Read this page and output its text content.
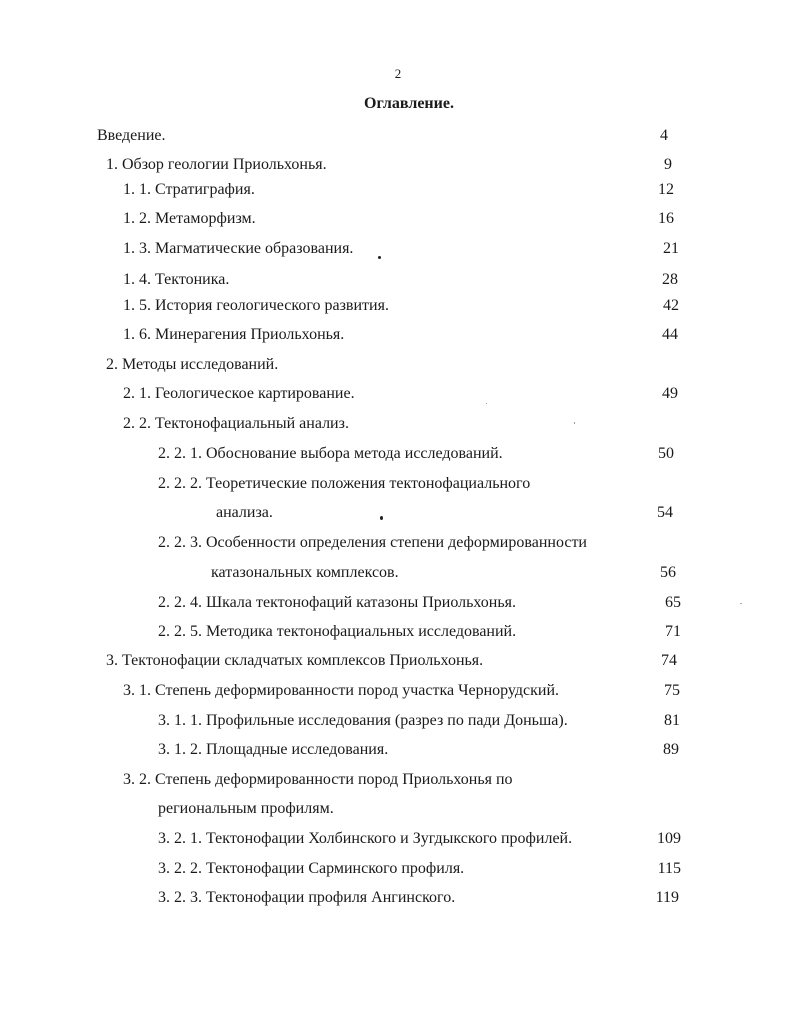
2
Оглавление.
Введение.	4
1. Обзор геологии Приольхонья.	9
1. 1. Стратиграфия.	12
1. 2. Метаморфизм.	16
1. 3. Магматические образования.	21
1. 4. Тектоника.	28
1. 5. История геологического развития.	42
1. 6. Минерагения Приольхонья.	44
2. Методы исследований.
2. 1. Геологическое картирование.	49
2. 2. Тектонофациальный анализ.
2. 2. 1. Обоснование выбора метода исследований.	50
2. 2. 2. Теоретические положения тектонофациального
анализа.	54
2. 2. 3. Особенности определения степени деформированности
катазональных комплексов.	56
2. 2. 4. Шкала тектонофаций катазоны Приольхонья.	65
2. 2. 5. Методика тектонофациальных исследований.	71
3. Тектонофации складчатых комплексов Приольхонья.	74
3. 1. Степень деформированности пород участка Чернорудский.	75
3. 1. 1. Профильные исследования (разрез по пади Доньша).	81
3. 1. 2. Площадные исследования.	89
3. 2. Степень деформированности пород Приольхонья по
региональным профилям.
3. 2. 1. Тектонофации Холбинского и Зугдыкского профилей.	109
3. 2. 2. Тектонофации Сарминского профиля.	115
3. 2. 3. Тектонофации профиля Ангинского.	119
